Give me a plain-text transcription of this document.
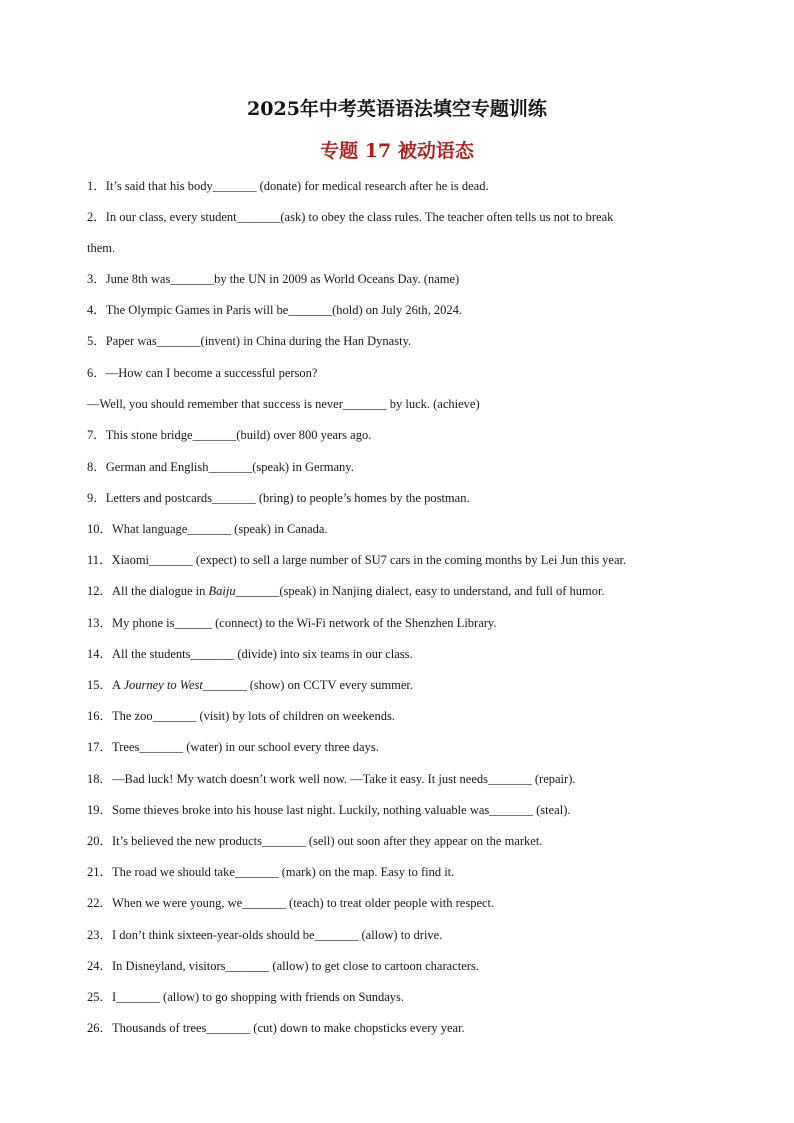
2025年中考英语语法填空专题训练
专题 17 被动语态
1．It’s said that his body_______ (donate) for medical research after he is dead.
2．In our class, every student_______(ask) to obey the class rules. The teacher often tells us not to break
them.
3．June 8th was_______by the UN in 2009 as World Oceans Day. (name)
4．The Olympic Games in Paris will be_______(hold) on July 26th, 2024.
5．Paper was_______(invent) in China during the Han Dynasty.
6．—How can I become a successful person?
—Well, you should remember that success is never_______ by luck. (achieve)
7．This stone bridge_______(build) over 800 years ago.
8．German and English_______(speak) in Germany.
9．Letters and postcards_______ (bring) to people’s homes by the postman.
10．What language_______ (speak) in Canada.
11．Xiaomi_______ (expect) to sell a large number of SU7 cars in the coming months by Lei Jun this year.
12．All the dialogue in Baiju_______(speak) in Nanjing dialect, easy to understand, and full of humor.
13．My phone is______ (connect) to the Wi-Fi network of the Shenzhen Library.
14．All the students_______ (divide) into six teams in our class.
15．A Journey to West_______ (show) on CCTV every summer.
16．The zoo_______ (visit) by lots of children on weekends.
17．Trees_______ (water) in our school every three days.
18．—Bad luck! My watch doesn’t work well now. —Take it easy. It just needs_______ (repair).
19．Some thieves broke into his house last night. Luckily, nothing valuable was_______ (steal).
20．It’s believed the new products_______ (sell) out soon after they appear on the market.
21．The road we should take_______ (mark) on the map. Easy to find it.
22．When we were young, we_______ (teach) to treat older people with respect.
23．I don’t think sixteen-year-olds should be_______ (allow) to drive.
24．In Disneyland, visitors_______ (allow) to get close to cartoon characters.
25．I_______ (allow) to go shopping with friends on Sundays.
26．Thousands of trees_______ (cut) down to make chopsticks every year.
